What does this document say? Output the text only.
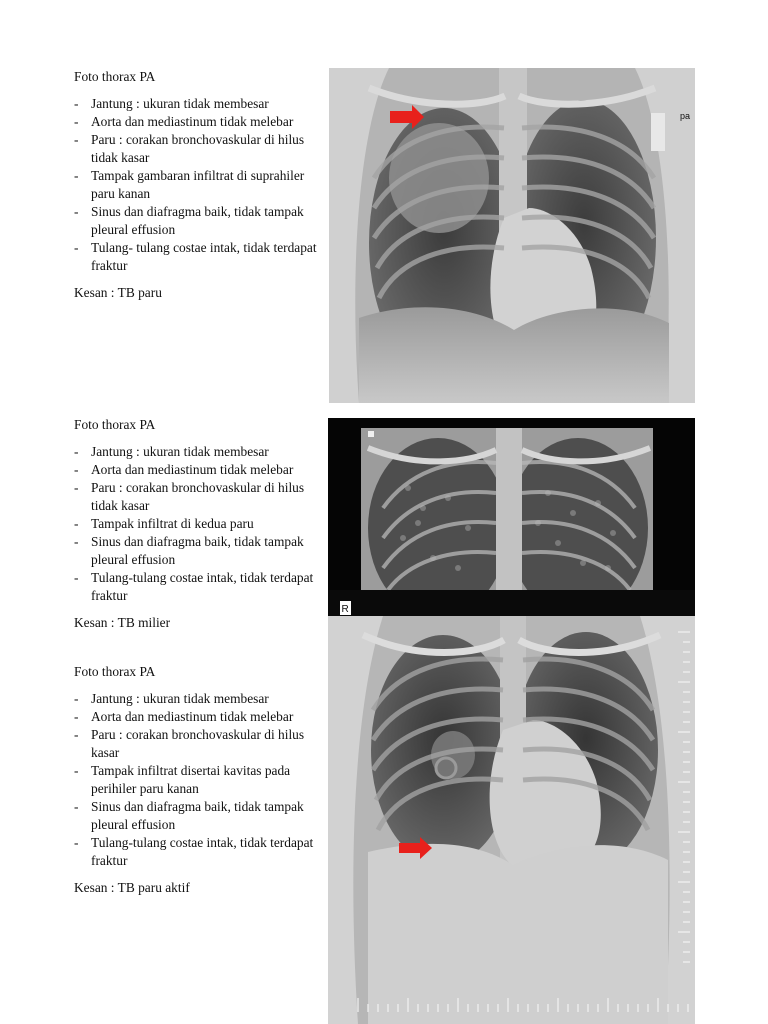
Foto thorax PA
- Jantung : ukuran tidak membesar
- Aorta dan mediastinum tidak melebar
- Paru : corakan bronchovaskular di hilus tidak kasar
- Tampak gambaran infiltrat di suprahiler paru kanan
- Sinus dan diafragma baik, tidak tampak pleural effusion
- Tulang- tulang costae intak, tidak terdapat fraktur
Kesan : TB paru
Foto thorax PA
- Jantung : ukuran tidak membesar
- Aorta dan mediastinum tidak melebar
- Paru : corakan bronchovaskular di hilus tidak kasar
- Tampak infiltrat di kedua paru
- Sinus dan diafragma baik, tidak tampak pleural effusion
- Tulang-tulang costae intak, tidak terdapat fraktur
Kesan : TB milier
Foto thorax PA
- Jantung : ukuran tidak membesar
- Aorta dan mediastinum tidak melebar
- Paru : corakan bronchovaskular di hilus kasar
- Tampak infiltrat disertai kavitas pada perihiler paru kanan
- Sinus dan diafragma baik, tidak tampak pleural effusion
- Tulang-tulang costae intak, tidak terdapat fraktur
Kesan : TB paru aktif
pa
R
